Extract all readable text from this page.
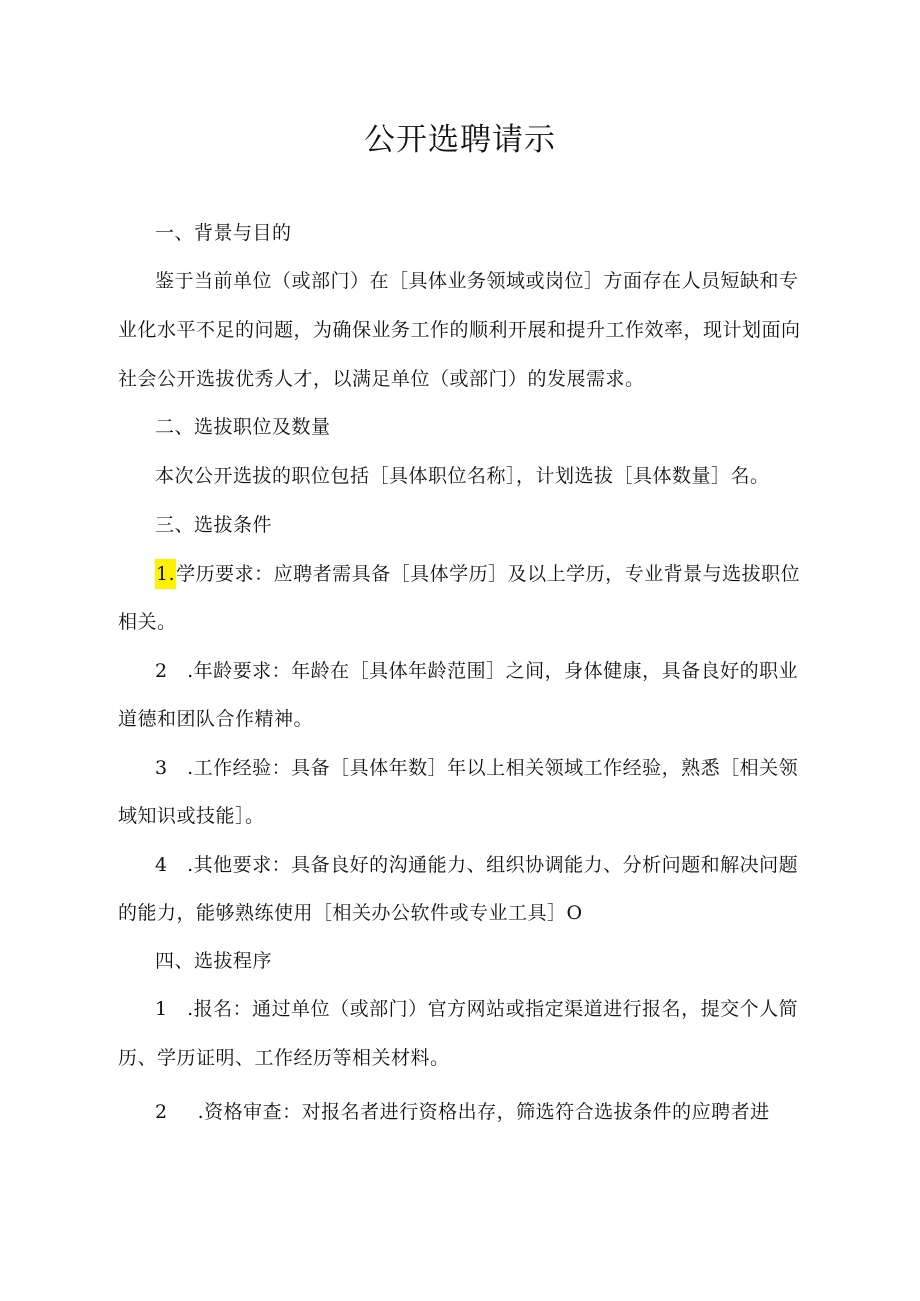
公开选聘请示
一、背景与目的
鉴于当前单位（或部门）在［具体业务领域或岗位］方面存在人员短缺和专
业化水平不足的问题，为确保业务工作的顺利开展和提升工作效率，现计划面向
社会公开选拔优秀人才，以满足单位（或部门）的发展需求。
二、选拔职位及数量
本次公开选拔的职位包括［具体职位名称］，计划选拔［具体数量］名。
三、选拔条件
1.学历要求：应聘者需具备［具体学历］及以上学历，专业背景与选拔职位
相关。
2　.年龄要求：年龄在［具体年龄范围］之间，身体健康，具备良好的职业
道德和团队合作精神。
3　.工作经验：具备［具体年数］年以上相关领域工作经验，熟悉［相关领
域知识或技能］。
4　.其他要求：具备良好的沟通能力、组织协调能力、分析问题和解决问题
的能力，能够熟练使用［相关办公软件或专业工具］O
四、选拔程序
1　.报名：通过单位（或部门）官方网站或指定渠道进行报名，提交个人简
历、学历证明、工作经历等相关材料。
2 .资格审查：对报名者进行资格出存，筛选符合选拔条件的应聘者进
